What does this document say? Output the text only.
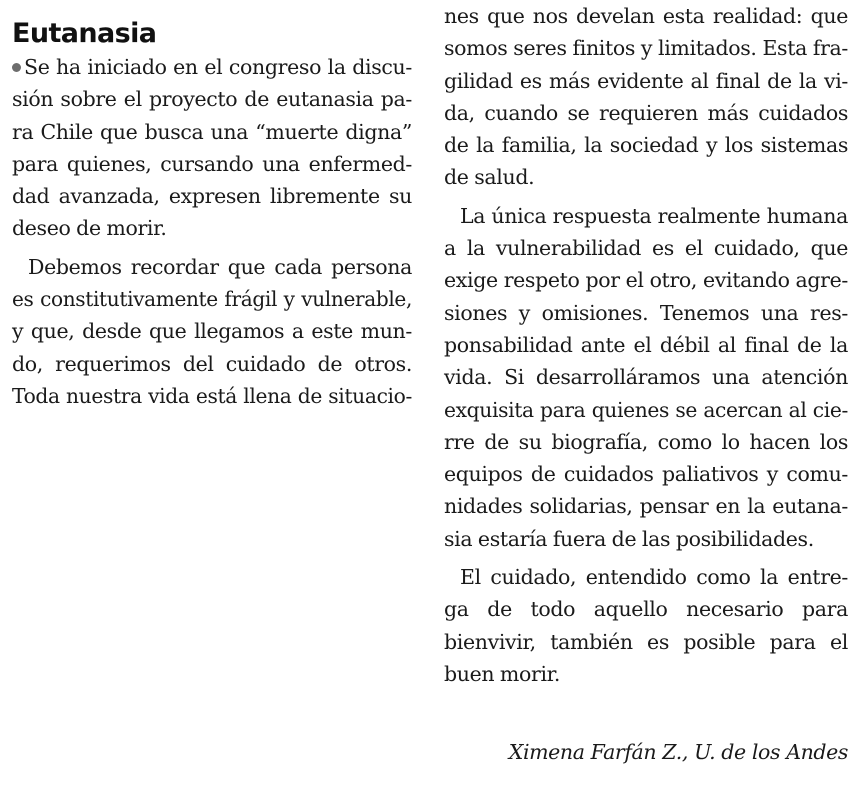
Eutanasia
Se ha iniciado en el congreso la discu-
sión sobre el proyecto de eutanasia pa-
ra Chile que busca una “muerte digna”
para quienes, cursando una enfermed-
dad avanzada, expresen libremente su
deseo de morir.
Debemos recordar que cada persona
es constitutivamente frágil y vulnerable,
y que, desde que llegamos a este mun-
do, requerimos del cuidado de otros.
Toda nuestra vida está llena de situacio-
nes que nos develan esta realidad: que
somos seres finitos y limitados. Esta fra-
gilidad es más evidente al final de la vi-
da, cuando se requieren más cuidados
de la familia, la sociedad y los sistemas
de salud.
La única respuesta realmente humana
a la vulnerabilidad es el cuidado, que
exige respeto por el otro, evitando agre-
siones y omisiones. Tenemos una res-
ponsabilidad ante el débil al final de la
vida. Si desarrolláramos una atención
exquisita para quienes se acercan al cie-
rre de su biografía, como lo hacen los
equipos de cuidados paliativos y comu-
nidades solidarias, pensar en la eutana-
sia estaría fuera de las posibilidades.
El cuidado, entendido como la entre-
ga de todo aquello necesario para
bienvivir, también es posible para el
buen morir.
Ximena Farfán Z., U. de los Andes
